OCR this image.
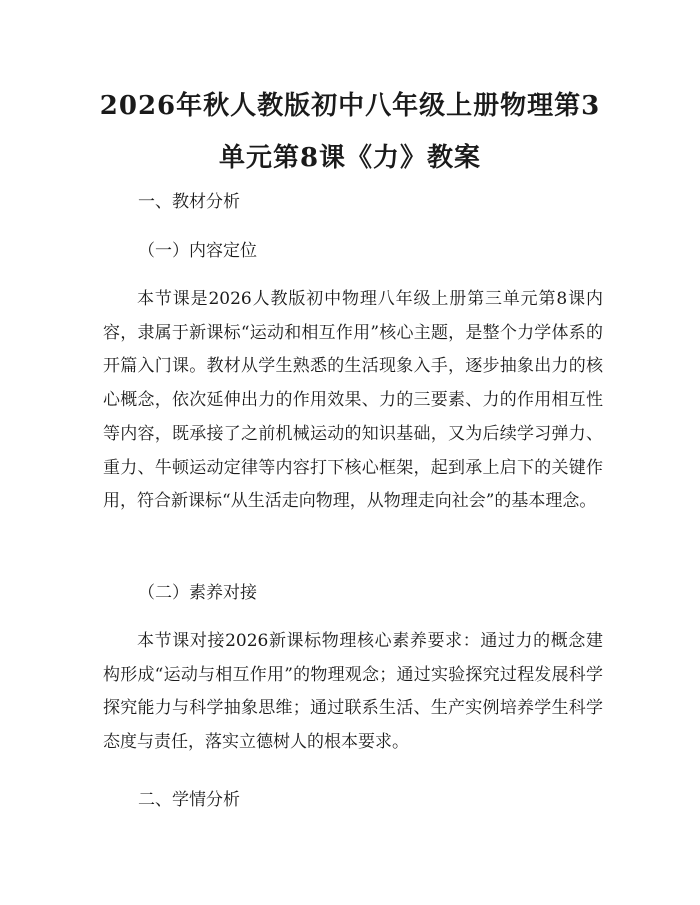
2026年秋人教版初中八年级上册物理第3单元第8课《力》教案

一、教材分析

（一）内容定位

本节课是2026人教版初中物理八年级上册第三单元第8课内容，隶属于新课标“运动和相互作用”核心主题，是整个力学体系的开篇入门课。教材从学生熟悉的生活现象入手，逐步抽象出力的核心概念，依次延伸出力的作用效果、力的三要素、力的作用相互性等内容，既承接了之前机械运动的知识基础，又为后续学习弹力、重力、牛顿运动定律等内容打下核心框架，起到承上启下的关键作用，符合新课标“从生活走向物理，从物理走向社会”的基本理念。

（二）素养对接

本节课对接2026新课标物理核心素养要求：通过力的概念建构形成“运动与相互作用”的物理观念；通过实验探究过程发展科学探究能力与科学抽象思维；通过联系生活、生产实例培养学生科学态度与责任，落实立德树人的根本要求。

二、学情分析
